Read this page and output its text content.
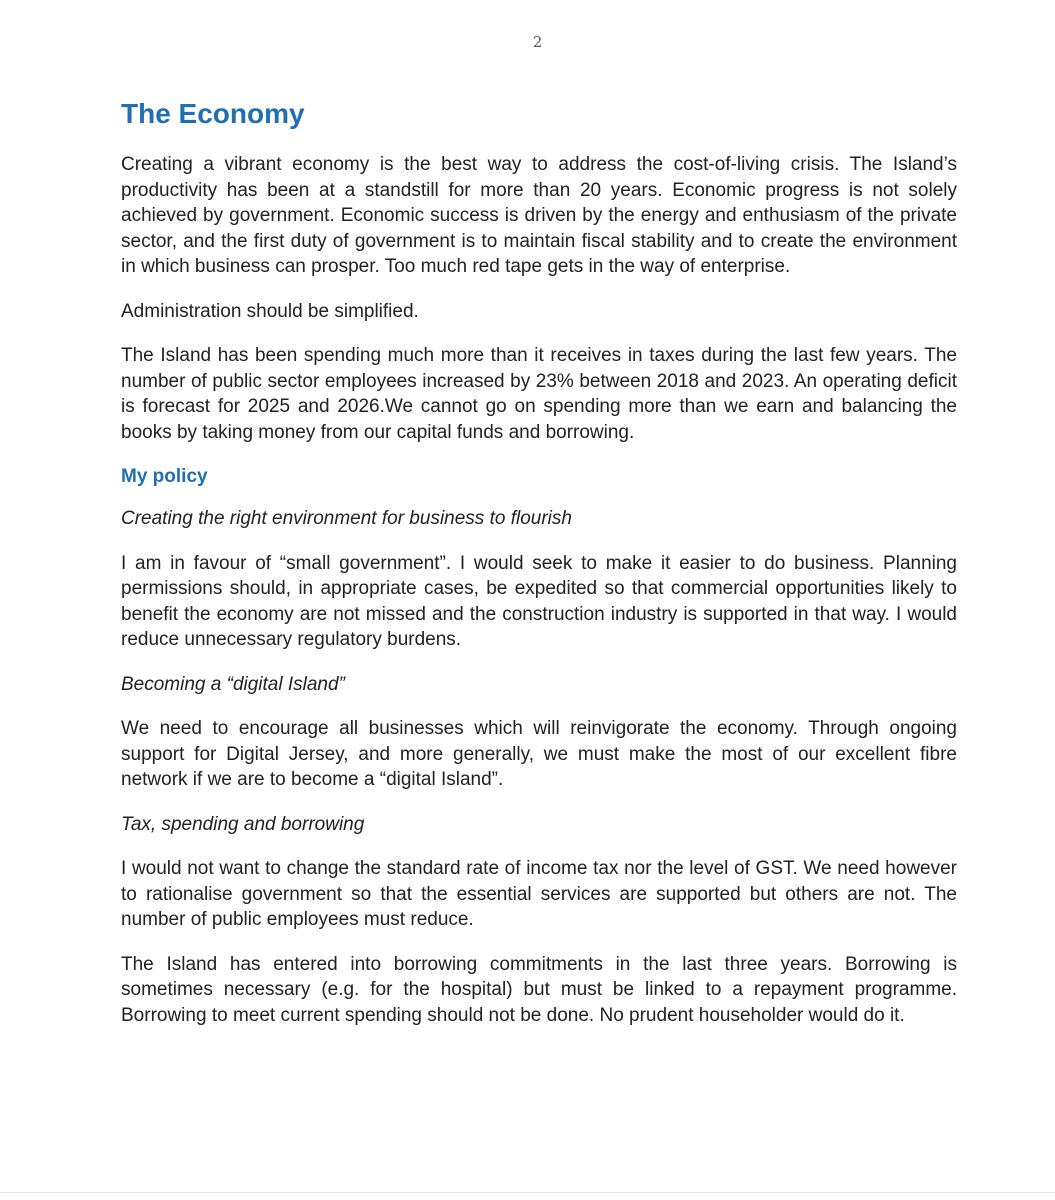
2
The Economy

Creating a vibrant economy is the best way to address the cost-of-living crisis. The Island’s productivity has been at a standstill for more than 20 years. Economic progress is not solely achieved by government. Economic success is driven by the energy and enthusiasm of the private sector, and the first duty of government is to maintain fiscal stability and to create the environment in which business can prosper. Too much red tape gets in the way of enterprise.

Administration should be simplified.

The Island has been spending much more than it receives in taxes during the last few years. The number of public sector employees increased by 23% between 2018 and 2023. An operating deficit is forecast for 2025 and 2026.We cannot go on spending more than we earn and balancing the books by taking money from our capital funds and borrowing.

My policy

Creating the right environment for business to flourish

I am in favour of “small government”. I would seek to make it easier to do business. Planning permissions should, in appropriate cases, be expedited so that commercial opportunities likely to benefit the economy are not missed and the construction industry is supported in that way. I would reduce unnecessary regulatory burdens.

Becoming a “digital Island”

We need to encourage all businesses which will reinvigorate the economy. Through ongoing support for Digital Jersey, and more generally, we must make the most of our excellent fibre network if we are to become a “digital Island”.

Tax, spending and borrowing

I would not want to change the standard rate of income tax nor the level of GST. We need however to rationalise government so that the essential services are supported but others are not. The number of public employees must reduce.

The Island has entered into borrowing commitments in the last three years. Borrowing is sometimes necessary (e.g. for the hospital) but must be linked to a repayment programme. Borrowing to meet current spending should not be done. No prudent householder would do it.
